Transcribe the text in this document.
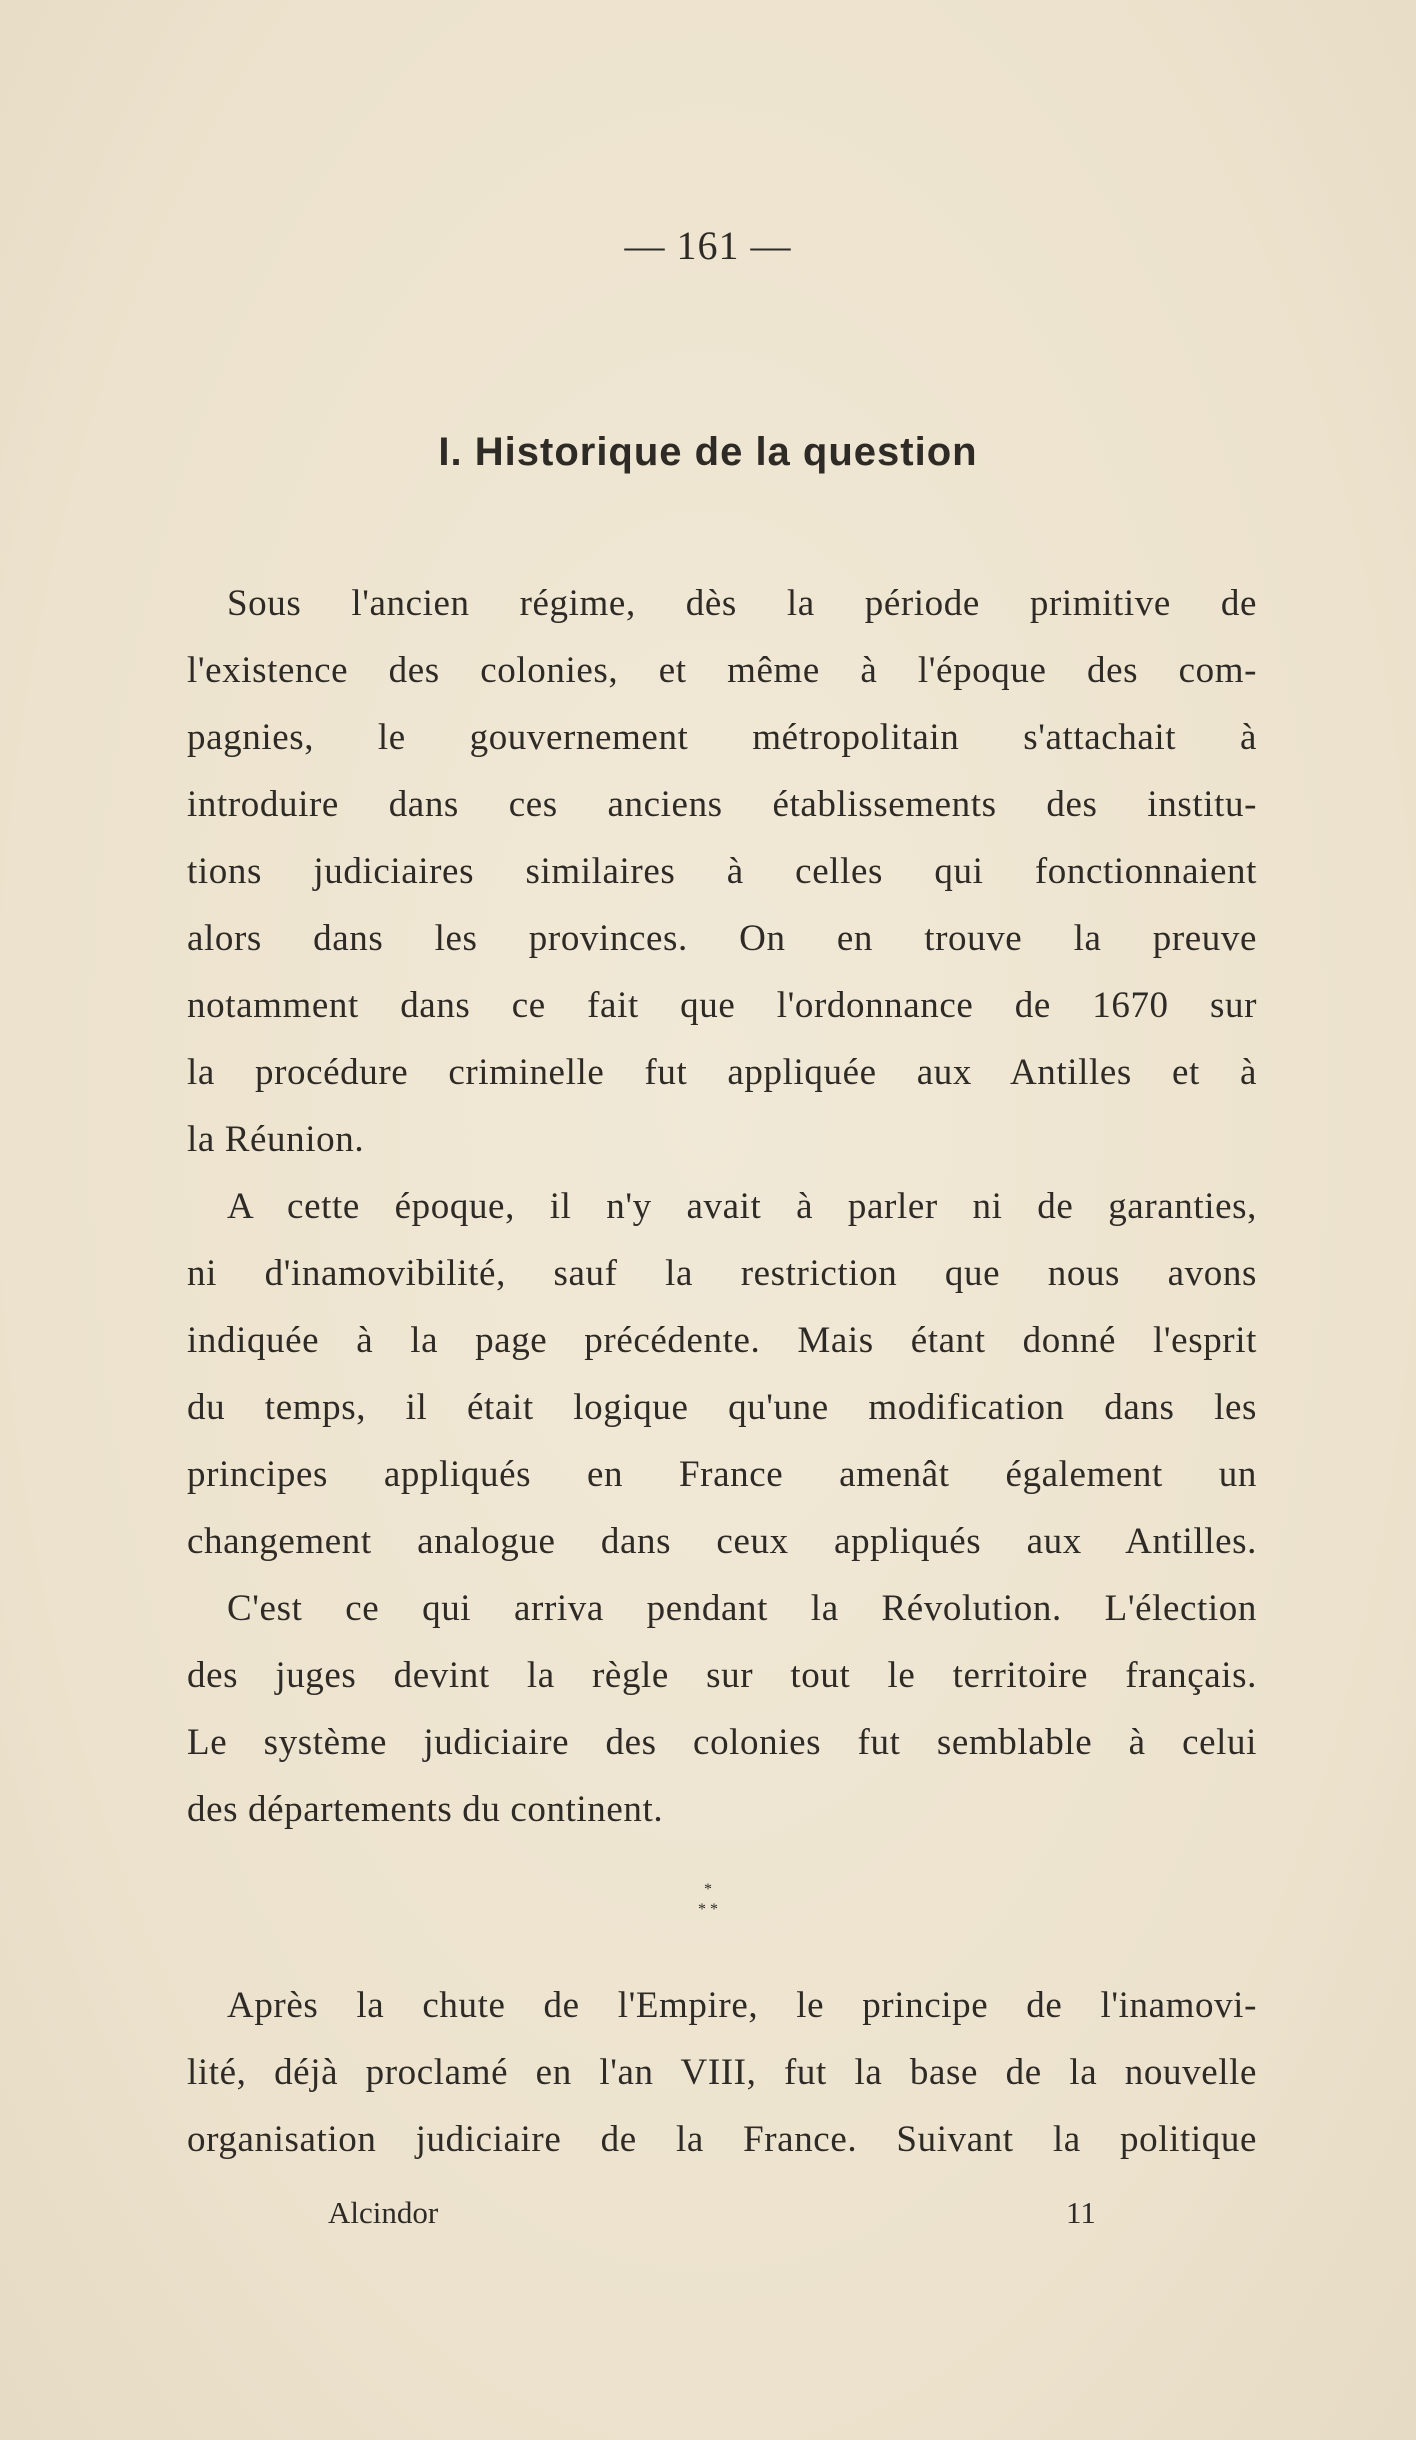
— 161 —
I. Historique de la question
Sous l'ancien régime, dès la période primitive de
l'existence des colonies, et même à l'époque des com-
pagnies, le gouvernement métropolitain s'attachait à
introduire dans ces anciens établissements des institu-
tions judiciaires similaires à celles qui fonctionnaient
alors dans les provinces. On en trouve la preuve
notamment dans ce fait que l'ordonnance de 1670 sur
la procédure criminelle fut appliquée aux Antilles et à
la Réunion.
A cette époque, il n'y avait à parler ni de garanties,
ni d'inamovibilité, sauf la restriction que nous avons
indiquée à la page précédente. Mais étant donné l'esprit
du temps, il était logique qu'une modification dans les
principes appliqués en France amenât également un
changement analogue dans ceux appliqués aux Antilles.
C'est ce qui arriva pendant la Révolution. L'élection
des juges devint la règle sur tout le territoire français.
Le système judiciaire des colonies fut semblable à celui
des départements du continent.
*
* *
Après la chute de l'Empire, le principe de l'inamovi-
lité, déjà proclamé en l'an VIII, fut la base de la nouvelle
organisation judiciaire de la France. Suivant la politique
Alcindor	11
